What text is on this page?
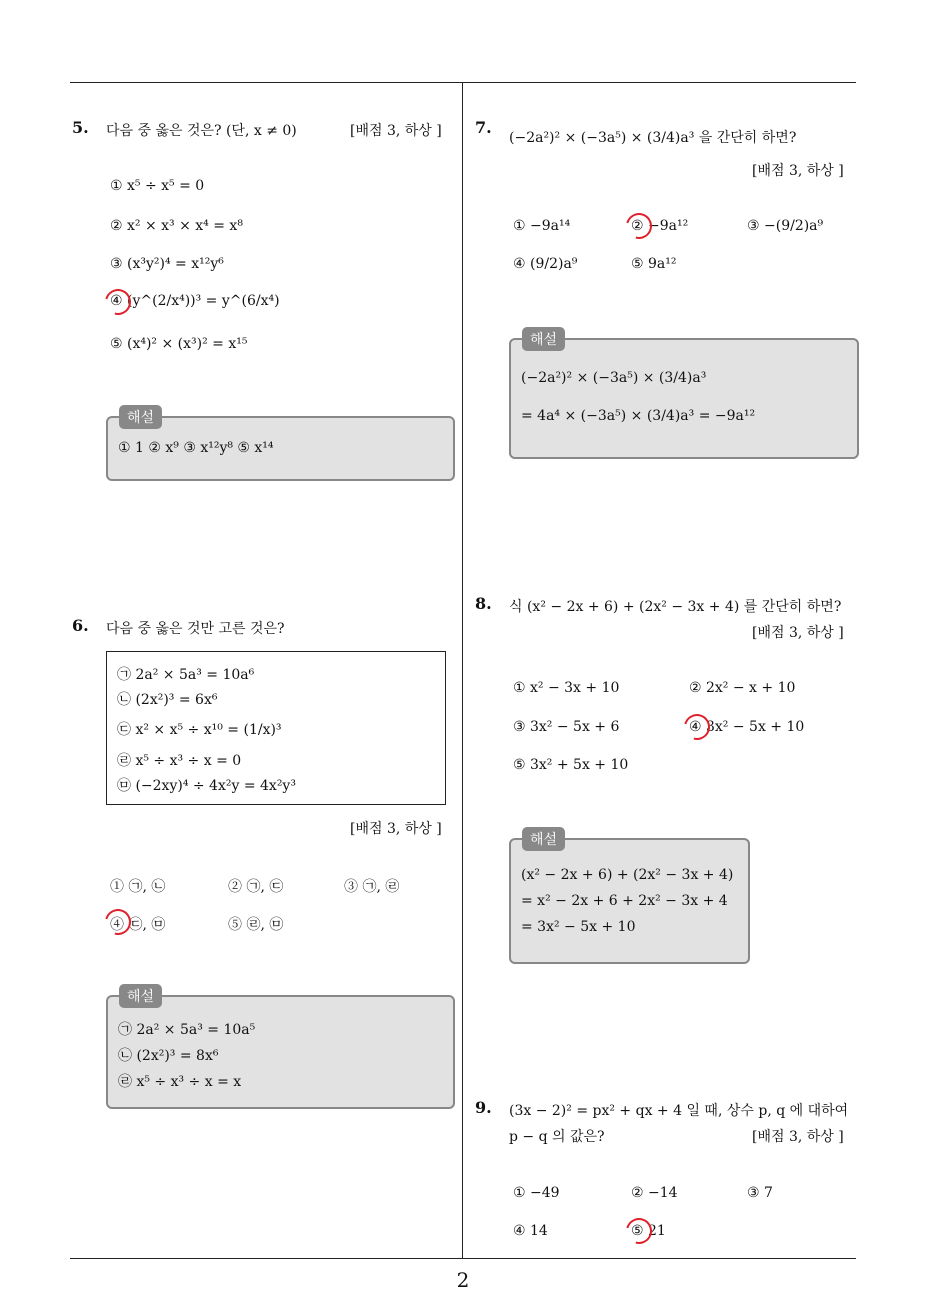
5. 다음 중 옳은 것은? (단, x ≠ 0)	[배점 3, 하상 ]
① x⁵ ÷ x⁵ = 0
② x² × x³ × x⁴ = x⁸
③ (x³y²)⁴ = x¹²y⁶
④ (y^(2/x⁴))³ = y^(6/x⁴)
⑤ (x⁴)² × (x³)² = x¹⁵
① 1 ② x⁹ ③ x¹²y⁸ ⑤ x¹⁴
해설
6. 다음 중 옳은 것만 고른 것은?
㉠ 2a² × 5a³ = 10a⁶
㉡ (2x²)³ = 6x⁶
㉢ x² × x⁵ ÷ x¹⁰ = (1/x)³
㉣ x⁵ ÷ x³ ÷ x = 0
㉤ (−2xy)⁴ ÷ 4x²y = 4x²y³
[배점 3, 하상 ]
① ㉠, ㉡	② ㉠, ㉢	③ ㉠, ㉣
④ ㉢, ㉤	⑤ ㉣, ㉤
㉠ 2a² × 5a³ = 10a⁵
㉡ (2x²)³ = 8x⁶
㉣ x⁵ ÷ x³ ÷ x = x
해설
7.
(−2a²)² × (−3a⁵) × (3/4)a³ 을 간단히 하면?
[배점 3, 하상 ]
① −9a¹⁴	② −9a¹²	③ −(9/2)a⁹
④ (9/2)a⁹	⑤ 9a¹²
(−2a²)² × (−3a⁵) × (3/4)a³
= 4a⁴ × (−3a⁵) × (3/4)a³ = −9a¹²
해설
8. 식 (x² − 2x + 6) + (2x² − 3x + 4) 를 간단히 하면?
[배점 3, 하상 ]
① x² − 3x + 10	② 2x² − x + 10
③ 3x² − 5x + 6	④ 3x² − 5x + 10
⑤ 3x² + 5x + 10
(x² − 2x + 6) + (2x² − 3x + 4)
= x² − 2x + 6 + 2x² − 3x + 4
= 3x² − 5x + 10
해설
9. (3x − 2)² = px² + qx + 4 일 때, 상수 p, q 에 대하여
p − q 의 값은?	[배점 3, 하상 ]
① −49	② −14	③ 7
④ 14	⑤ 21
2
